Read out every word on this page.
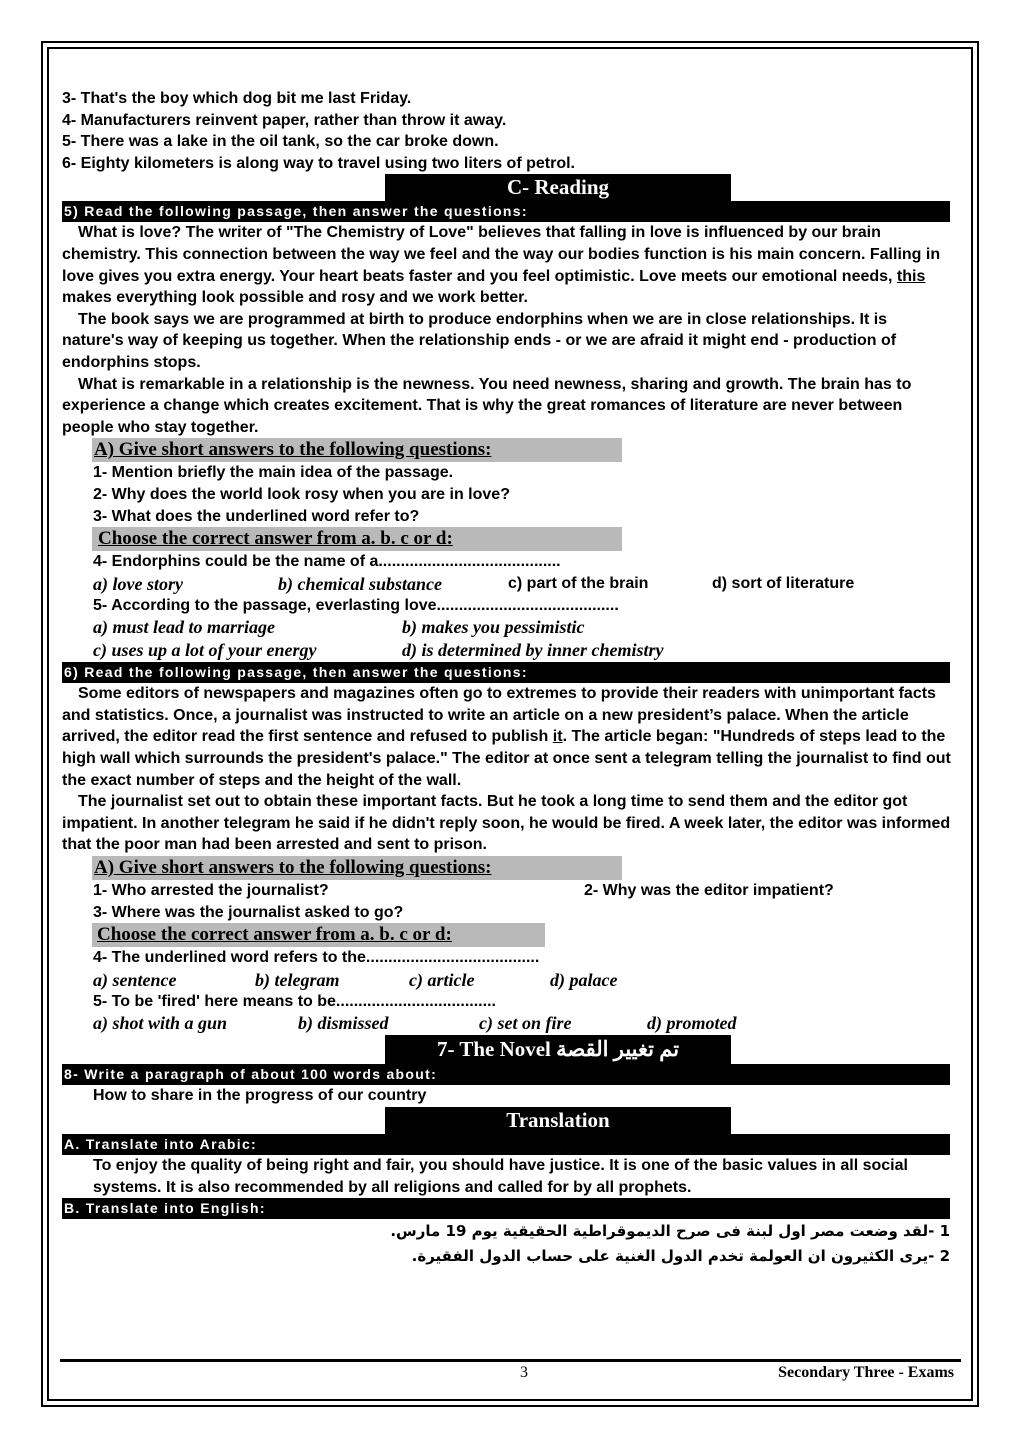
3- That's the boy which dog bit me last Friday.
4- Manufacturers reinvent paper, rather than throw it away.
5- There was a lake in the oil tank, so the car broke down.
6- Eighty kilometers is along way to travel using two liters of petrol.
C- Reading
5) Read the following passage, then answer the questions:
What is love? The writer of "The Chemistry of Love" believes that falling in love is influenced by our brain chemistry. This connection between the way we feel and the way our bodies function is his main concern. Falling in love gives you extra energy. Your heart beats faster and you feel optimistic. Love meets our emotional needs, this makes everything look possible and rosy and we work better.
The book says we are programmed at birth to produce endorphins when we are in close relationships. It is nature's way of keeping us together. When the relationship ends - or we are afraid it might end - production of endorphins stops.
What is remarkable in a relationship is the newness. You need newness, sharing and growth. The brain has to experience a change which creates excitement. That is why the great romances of literature are never between people who stay together.
A) Give short answers to the following questions:
1- Mention briefly the main idea of the passage.
2- Why does the world look rosy when you are in love?
3- What does the underlined word refer to?
Choose the correct answer from a. b. c or d:
4- Endorphins could be the name of a.........................................
a) love story	b) chemical substance	c) part of the brain	d) sort of literature
5- According to the passage, everlasting love.........................................
a) must lead to marriage	b) makes you pessimistic
c) uses up a lot of your energy	d) is determined by inner chemistry
6) Read the following passage, then answer the questions:
Some editors of newspapers and magazines often go to extremes to provide their readers with unimportant facts and statistics. Once, a journalist was instructed to write an article on a new president’s palace. When the article arrived, the editor read the first sentence and refused to publish it. The article began: "Hundreds of steps lead to the high wall which surrounds the president's palace." The editor at once sent a telegram telling the journalist to find out the exact number of steps and the height of the wall.
The journalist set out to obtain these important facts. But he took a long time to send them and the editor got impatient. In another telegram he said if he didn't reply soon, he would be fired. A week later, the editor was informed that the poor man had been arrested and sent to prison.
A) Give short answers to the following questions:
1- Who arrested the journalist?	2- Why was the editor impatient?
3- Where was the journalist asked to go?
Choose the correct answer from a. b. c or d:
4- The underlined word refers to the.......................................
a) sentence	b) telegram	c) article	d) palace
5- To be 'fired' here means to be....................................
a) shot with a gun	b) dismissed	c) set on fire	d) promoted
7- The Novel تم تغيير القصة
8- Write a paragraph of about 100 words about:
How to share in the progress of our country
Translation
A. Translate into Arabic:
To enjoy the quality of being right and fair, you should have justice. It is one of the basic values in all social systems. It is also recommended by all religions and called for by all prophets.
B. Translate into English:
1 -لقد وضعت مصر اول لبنة فى صرح الديموقراطية الحقيقية يوم 19 مارس.
2 -يرى الكثيرون ان العولمة تخدم الدول الغنية على حساب الدول الفقيرة.
3	Secondary Three - Exams
